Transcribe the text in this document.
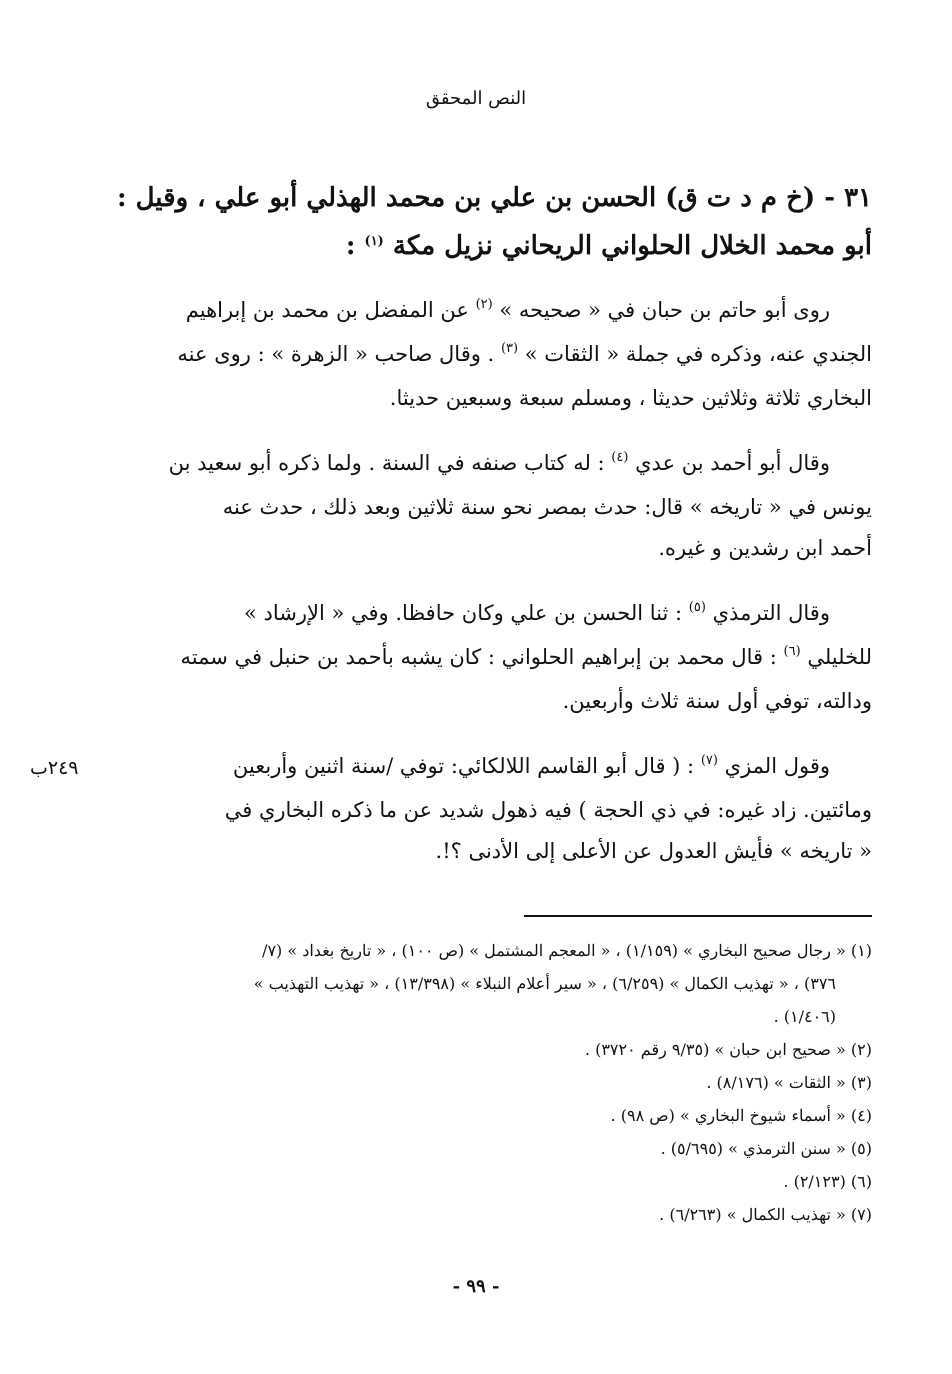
النص المحقق
٣١ - (خ م د ت ق) الحسن بن علي بن محمد الهذلي أبو علي ، وقيل :
أبو محمد الخلال الحلواني الريحاني نزيل مكة $^{(١)}$ :
روى أبو حاتم بن حبان في « صحيحه » $^{(٢)}$ عن المفضل بن محمد بن إبراهيم
الجندي عنه، وذكره في جملة « الثقات » $^{(٣)}$ . وقال صاحب « الزهرة » : روى عنه
البخاري ثلاثة وثلاثين حديثا ، ومسلم سبعة وسبعين حديثا.
وقال أبو أحمد بن عدي $^{(٤)}$ : له كتاب صنفه في السنة . ولما ذكره أبو سعيد بن
يونس في « تاريخه » قال: حدث بمصر نحو سنة ثلاثين وبعد ذلك ، حدث عنه
أحمد ابن رشدين و غيره.
وقال الترمذي $^{(٥)}$ : ثنا الحسن بن علي وكان حافظا. وفي « الإرشاد »
للخليلي $^{(٦)}$ : قال محمد بن إبراهيم الحلواني : كان يشبه بأحمد بن حنبل في سمته
ودالته، توفي أول سنة ثلاث وأربعين.
وقول المزي $^{(٧)}$ : ( قال أبو القاسم اللالكائي: توفي /سنة اثنين وأربعين
ومائتين. زاد غيره: في ذي الحجة ) فيه ذهول شديد عن ما ذكره البخاري في
« تاريخه » فأيش العدول عن الأعلى إلى الأدنى ؟!.
٢٤٩ب
(١) « رجال صحيح البخاري » (١/١٥٩) ، « المعجم المشتمل » (ص ١٠٠) ، « تاريخ بغداد » (٧/
٣٧٦) ، « تهذيب الكمال » (٦/٢٥٩) ، « سير أعلام النبلاء » (١٣/٣٩٨) ، « تهذيب التهذيب »
(١/٤٠٦) .
(٢) « صحيح ابن حبان » (٩/٣٥ رقم ٣٧٢٠) .
(٣) « الثقات » (٨/١٧٦) .
(٤) « أسماء شيوخ البخاري » (ص ٩٨) .
(٥) « سنن الترمذي » (٥/٦٩٥) .
(٦) (٢/١٢٣) .
(٧) « تهذيب الكمال » (٦/٢٦٣) .
- ٩٩ -
